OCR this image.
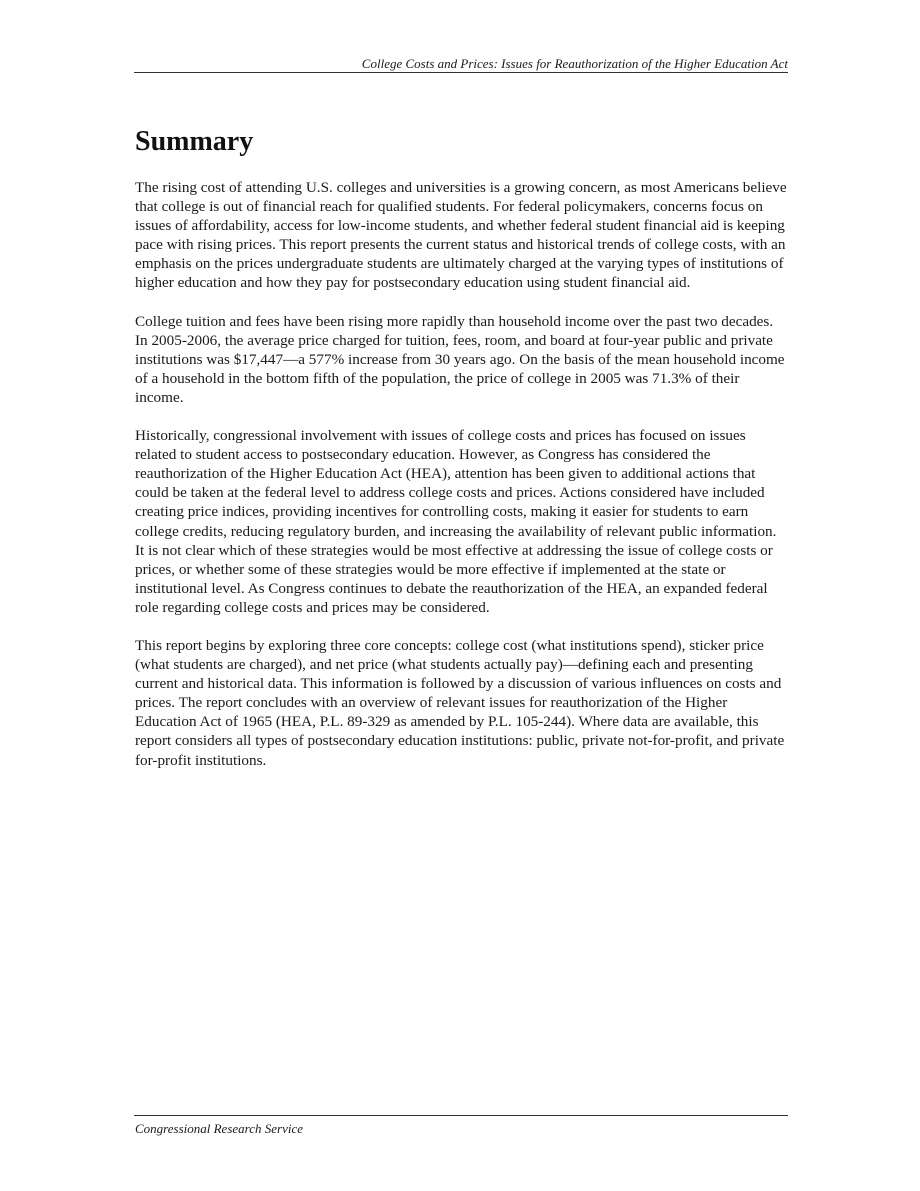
College Costs and Prices: Issues for Reauthorization of the Higher Education Act
Summary

The rising cost of attending U.S. colleges and universities is a growing concern, as most Americans believe that college is out of financial reach for qualified students. For federal policymakers, concerns focus on issues of affordability, access for low-income students, and whether federal student financial aid is keeping pace with rising prices. This report presents the current status and historical trends of college costs, with an emphasis on the prices undergraduate students are ultimately charged at the varying types of institutions of higher education and how they pay for postsecondary education using student financial aid.

College tuition and fees have been rising more rapidly than household income over the past two decades. In 2005-2006, the average price charged for tuition, fees, room, and board at four-year public and private institutions was $17,447—a 577% increase from 30 years ago. On the basis of the mean household income of a household in the bottom fifth of the population, the price of college in 2005 was 71.3% of their income.

Historically, congressional involvement with issues of college costs and prices has focused on issues related to student access to postsecondary education. However, as Congress has considered the reauthorization of the Higher Education Act (HEA), attention has been given to additional actions that could be taken at the federal level to address college costs and prices. Actions considered have included creating price indices, providing incentives for controlling costs, making it easier for students to earn college credits, reducing regulatory burden, and increasing the availability of relevant public information. It is not clear which of these strategies would be most effective at addressing the issue of college costs or prices, or whether some of these strategies would be more effective if implemented at the state or institutional level. As Congress continues to debate the reauthorization of the HEA, an expanded federal role regarding college costs and prices may be considered.

This report begins by exploring three core concepts: college cost (what institutions spend), sticker price (what students are charged), and net price (what students actually pay)—defining each and presenting current and historical data. This information is followed by a discussion of various influences on costs and prices. The report concludes with an overview of relevant issues for reauthorization of the Higher Education Act of 1965 (HEA, P.L. 89-329 as amended by P.L. 105-244). Where data are available, this report considers all types of postsecondary education institutions: public, private not-for-profit, and private for-profit institutions.

Congressional Research Service
